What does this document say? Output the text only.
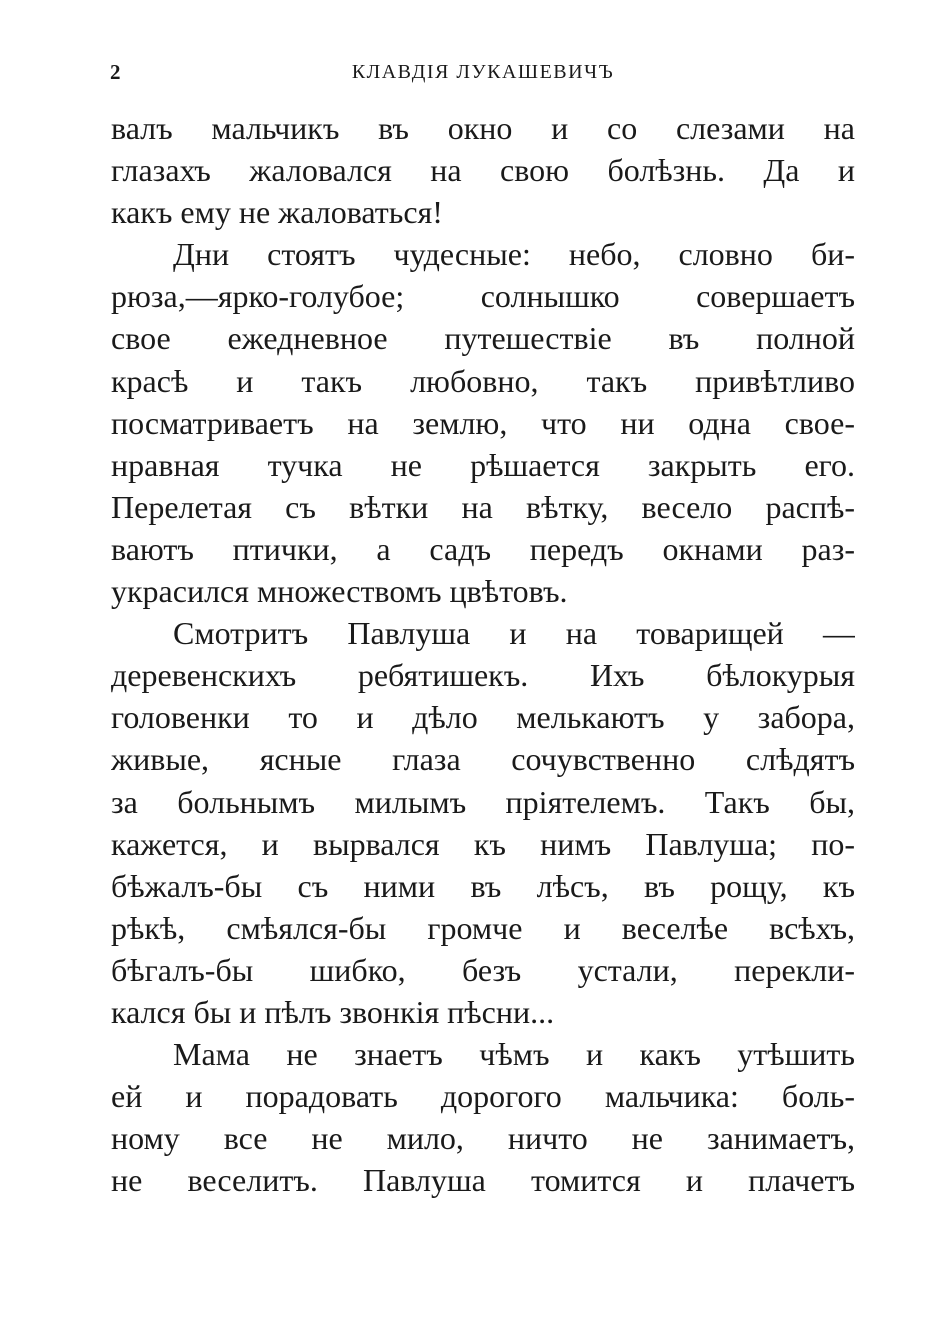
2	КЛАВДІЯ ЛУКАШЕВИЧЪ
валъ мальчикъ въ окно и со слезами на
глазахъ жаловался на свою болѣзнь. Да и
какъ ему не жаловаться!
Дни стоятъ чудесные: небо, словно би-
рюза,—ярко-голубое; солнышко совершаетъ
свое ежедневное путешествіе въ полной
красѣ и такъ любовно, такъ привѣтливо
посматриваетъ на землю, что ни одна свое-
нравная тучка не рѣшается закрыть его.
Перелетая съ вѣтки на вѣтку, весело распѣ-
ваютъ птички, а садъ передъ окнами раз-
украсился множествомъ цвѣтовъ.
Смотритъ Павлуша и на товарищей —
деревенскихъ ребятишекъ. Ихъ бѣлокурыя
головенки то и дѣло мелькаютъ у забора,
живые, ясные глаза сочувственно слѣдятъ
за больнымъ милымъ пріятелемъ. Такъ бы,
кажется, и вырвался къ нимъ Павлуша; по-
бѣжалъ-бы съ ними въ лѣсъ, въ рощу, къ
рѣкѣ, смѣялся-бы громче и веселѣе всѣхъ,
бѣгалъ-бы шибко, безъ устали, перекли-
кался бы и пѣлъ звонкія пѣсни...
Мама не знаетъ чѣмъ и какъ утѣшить
ей и порадовать дорогого мальчика: боль-
ному все не мило, ничто не занимаетъ,
не веселитъ. Павлуша томится и плачетъ
